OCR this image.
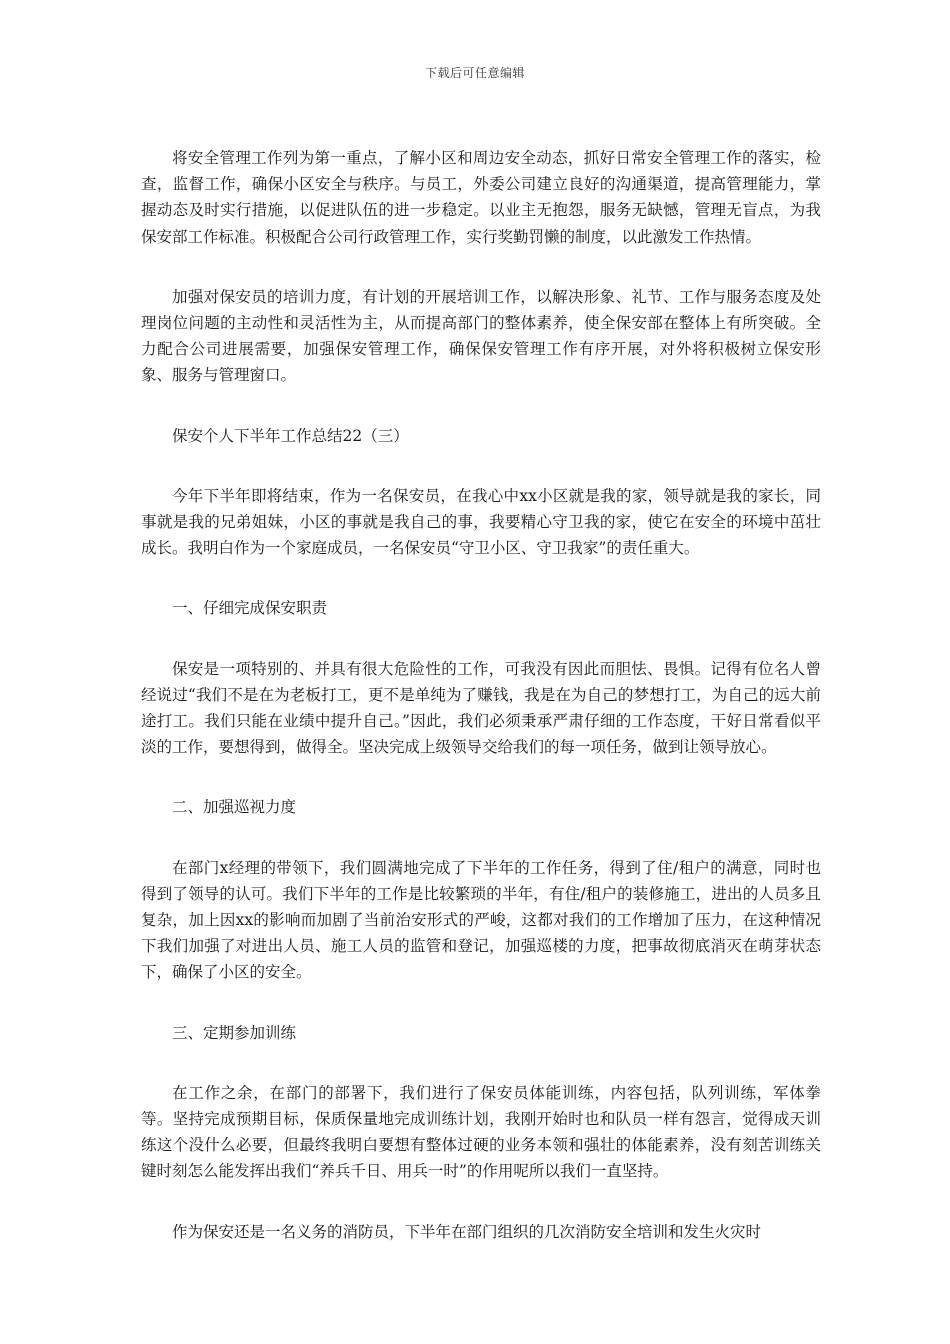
下载后可任意编辑

将安全管理工作列为第一重点，了解小区和周边安全动态，抓好日常安全管理工作的落实，检查，监督工作，确保小区安全与秩序。与员工，外委公司建立良好的沟通渠道，提高管理能力，掌握动态及时实行措施，以促进队伍的进一步稳定。以业主无抱怨，服务无缺憾，管理无盲点，为我保安部工作标准。积极配合公司行政管理工作，实行奖勤罚懒的制度，以此激发工作热情。

加强对保安员的培训力度，有计划的开展培训工作，以解决形象、礼节、工作与服务态度及处理岗位问题的主动性和灵活性为主，从而提高部门的整体素养，使全保安部在整体上有所突破。全力配合公司进展需要，加强保安管理工作，确保保安管理工作有序开展，对外将积极树立保安形象、服务与管理窗口。

保安个人下半年工作总结22（三）

今年下半年即将结束，作为一名保安员，在我心中xx小区就是我的家，领导就是我的家长，同事就是我的兄弟姐妹，小区的事就是我自己的事，我要精心守卫我的家，使它在安全的环境中茁壮成长。我明白作为一个家庭成员，一名保安员“守卫小区、守卫我家”的责任重大。

一、仔细完成保安职责

保安是一项特别的、并具有很大危险性的工作，可我没有因此而胆怯、畏惧。记得有位名人曾经说过“我们不是在为老板打工，更不是单纯为了赚钱，我是在为自己的梦想打工，为自己的远大前途打工。我们只能在业绩中提升自己。”因此，我们必须秉承严肃仔细的工作态度，干好日常看似平淡的工作，要想得到，做得全。坚决完成上级领导交给我们的每一项任务，做到让领导放心。

二、加强巡视力度

在部门x经理的带领下，我们圆满地完成了下半年的工作任务，得到了住/租户的满意，同时也得到了领导的认可。我们下半年的工作是比较繁琐的半年，有住/租户的装修施工，进出的人员多且复杂，加上因xx的影响而加剧了当前治安形式的严峻，这都对我们的工作增加了压力，在这种情况下我们加强了对进出人员、施工人员的监管和登记，加强巡楼的力度，把事故彻底消灭在萌芽状态下，确保了小区的安全。

三、定期参加训练

在工作之余，在部门的部署下，我们进行了保安员体能训练，内容包括，队列训练，军体拳等。坚持完成预期目标，保质保量地完成训练计划，我刚开始时也和队员一样有怨言，觉得成天训练这个没什么必要，但最终我明白要想有整体过硬的业务本领和强壮的体能素养，没有刻苦训练关键时刻怎么能发挥出我们“养兵千日、用兵一时”的作用呢所以我们一直坚持。

作为保安还是一名义务的消防员，下半年在部门组织的几次消防安全培训和发生火灾时
